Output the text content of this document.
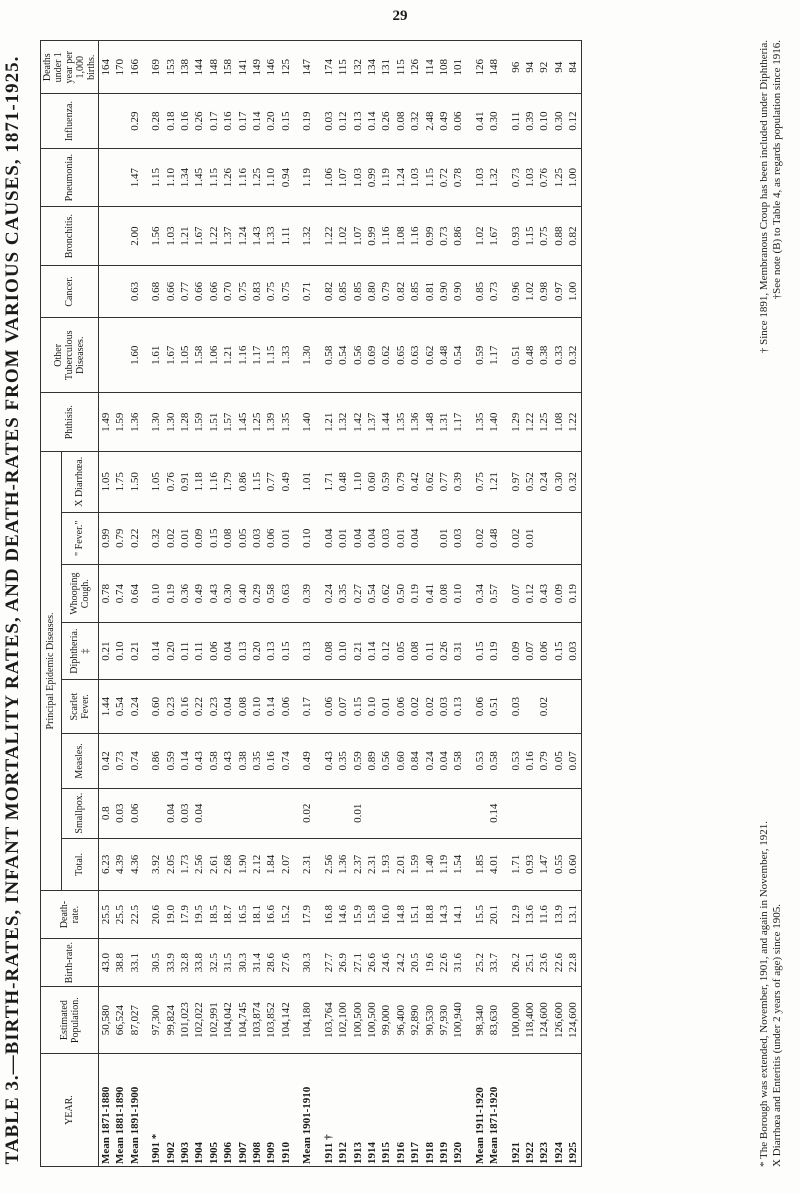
29
TABLE 3.—BIRTH-RATES, INFANT MORTALITY RATES, AND DEATH-RATES FROM VARIOUS CAUSES, 1871-1925.	YEAR.	Estimated Population.	Birth-rate.	Death-rate.	Principal Epidemic Diseases.								Phthisis.	Other Tuberculous Diseases.	Cancer.	Bronchitis.	Pneumonia.	Influenza.	Deaths under 1 year per 1,000 births.
				Total.	Smallpox.	Measles.	Scarlet Fever.	Diphtheria. ‡	Whooping Cough.	" Fever."	X Diarrhœa.							
Mean 1871-1880	50,580	43.0	25.5	6.23	0.8	0.42	1.44	0.21	0.78	0.99	1.05	1.49						164
Mean 1881-1890	66,524	38.8	25.5	4.39	0.03	0.73	0.54	0.10	0.74	0.79	1.75	1.59						170
Mean 1891-1900	87,027	33.1	22.5	4.36	0.06	0.74	0.24	0.21	0.64	0.22	1.50	1.36	1.60	0.63	2.00	1.47	0.29	166

1901 *	97,300	30.5	20.6	3.92		0.86	0.60	0.14	0.10	0.32	1.05	1.30	1.61	0.68	1.56	1.15	0.28	169
1902	99,824	33.9	19.0	2.05	0.04	0.59	0.23	0.20	0.19	0.02	0.76	1.30	1.67	0.66	1.03	1.10	0.18	153
1903	101,023	32.8	17.9	1.73	0.03	0.14	0.16	0.11	0.36	0.01	0.91	1.28	1.05	0.77	1.21	1.34	0.16	138
1904	102,022	33.8	19.5	2.56	0.04	0.43	0.22	0.11	0.49	0.09	1.18	1.59	1.58	0.66	1.67	1.45	0.26	144
1905	102,991	32.5	18.5	2.61		0.58	0.23	0.06	0.43	0.15	1.16	1.51	1.06	0.66	1.22	1.15	0.17	148
1906	104,042	31.5	18.7	2.68		0.43	0.04	0.04	0.30	0.08	1.79	1.57	1.21	0.70	1.37	1.26	0.16	158
1907	104,745	30.3	16.5	1.90		0.38	0.08	0.13	0.40	0.05	0.86	1.45	1.16	0.75	1.24	1.16	0.17	141
1908	103,874	31.4	18.1	2.12		0.35	0.10	0.20	0.29	0.03	1.15	1.25	1.17	0.83	1.43	1.25	0.14	149
1909	103,852	28.6	16.6	1.84		0.16	0.14	0.13	0.58	0.06	0.77	1.39	1.15	0.75	1.33	1.10	0.20	146
1910	104,142	27.6	15.2	2.07		0.74	0.06	0.15	0.63	0.01	0.49	1.35	1.33	0.75	1.11	0.94	0.15	125

Mean 1901-1910	104,180	30.3	17.9	2.31	0.02	0.49	0.17	0.13	0.39	0.10	1.01	1.40	1.30	0.71	1.32	1.19	0.19	147

1911 †	103,764	27.7	16.8	2.56		0.43	0.06	0.08	0.24	0.04	1.71	1.21	0.58	0.82	1.22	1.06	0.03	174
1912	102,100	26.9	14.6	1.36		0.35	0.07	0.10	0.35	0.01	0.48	1.32	0.54	0.85	1.02	1.07	0.12	115
1913	100,500	27.1	15.9	2.37	0.01	0.59	0.15	0.21	0.27	0.04	1.10	1.42	0.56	0.85	1.07	1.03	0.13	132
1914	100,500	26.6	15.8	2.31		0.89	0.10	0.14	0.54	0.04	0.60	1.37	0.69	0.80	0.99	0.99	0.14	134
1915	99,000	24.6	16.0	1.93		0.56	0.01	0.12	0.62	0.03	0.59	1.44	0.62	0.79	1.16	1.19	0.26	131
1916	96,400	24.2	14.8	2.01		0.60	0.06	0.05	0.50	0.01	0.79	1.35	0.65	0.82	1.08	1.24	0.08	115
1917	92,890	20.5	15.1	1.59		0.84	0.02	0.08	0.19	0.04	0.42	1.36	0.63	0.85	1.16	1.03	0.32	126
1918	90,530	19.6	18.8	1.40		0.24	0.02	0.11	0.41		0.62	1.48	0.62	0.81	0.99	1.15	2.48	114
1919	97,930	22.6	14.3	1.19		0.04	0.03	0.26	0.08	0.01	0.77	1.31	0.48	0.90	0.73	0.72	0.49	108
1920	100,940	31.6	14.1	1.54		0.58	0.13	0.31	0.10	0.03	0.39	1.17	0.54	0.90	0.86	0.78	0.06	101

Mean 1911-1920	98,340	25.2	15.5	1.85		0.53	0.06	0.15	0.34	0.02	0.75	1.35	0.59	0.85	1.02	1.03	0.41	126
Mean 1871-1920	83,630	33.7	20.1	4.01	0.14	0.58	0.51	0.19	0.57	0.48	1.21	1.40	1.17	0.73	1.67	1.32	0.30	148

1921	100,000	26.2	12.9	1.71		0.53	0.03	0.09	0.07	0.02	0.97	1.29	0.51	0.96	0.93	0.73	0.11	96
1922	118,400	25.1	13.6	0.93		0.16		0.07	0.12	0.01	0.52	1.22	0.48	1.02	1.15	1.03	0.39	94
1923	124,600	23.6	11.6	1.47		0.79	0.02	0.06	0.43		0.24	1.25	0.38	0.98	0.75	0.76	0.10	92
1924	126,600	22.6	13.9	0.55		0.05		0.15	0.09		0.30	1.08	0.33	0.97	0.88	1.25	0.30	94
1925	124,600	22.8	13.1	0.60		0.07		0.03	0.19		0.32	1.22	0.32	1.00	0.82	1.00	0.12	84
* The Borough was extended, November, 1901, and again in November, 1921.
† Since 1891, Membranous Croup has been included under Diphtheria.
X Diarrhœa and Enteritis (under 2 years of age) since 1905.
†See note (B) to Table 4, as regards population since 1916.
